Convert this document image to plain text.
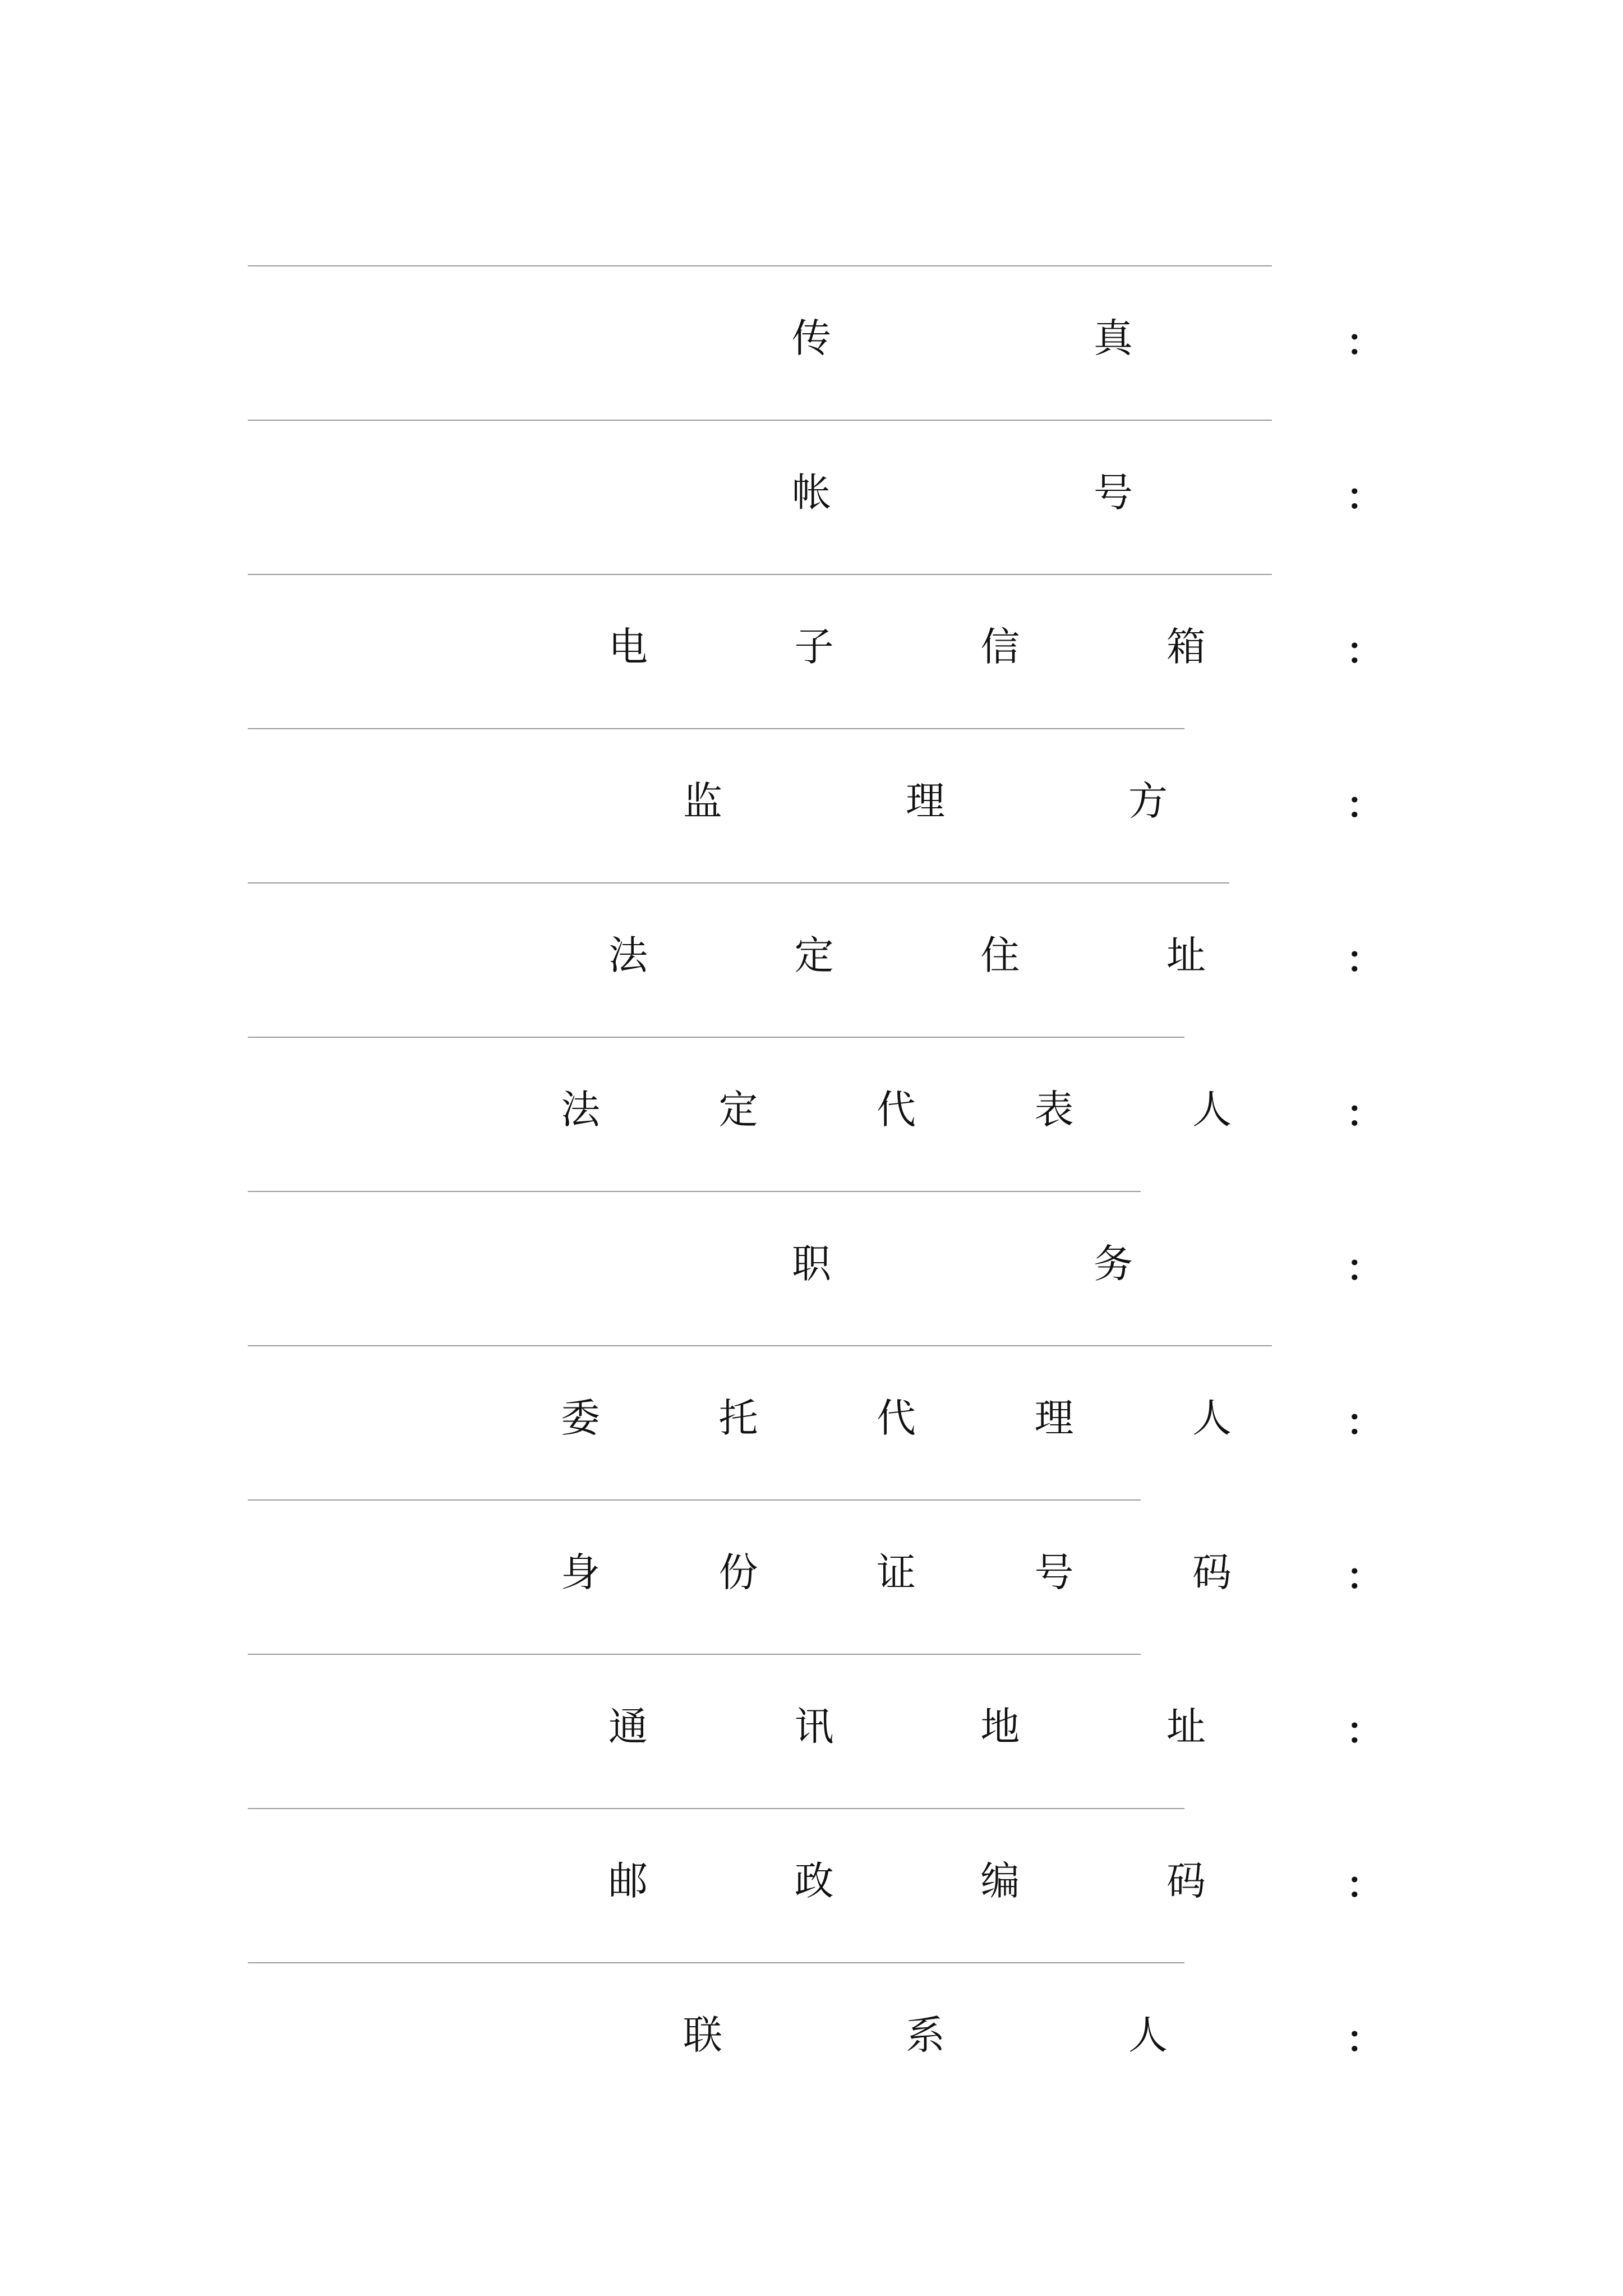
传	真	：
帐	号	：
电	子	信	箱	：
监	理	方	：
法	定	住	址	：
法	定	代	表	人	：
职	务	：
委	托	代	理	人	：
身	份	证	号	码	：
通	讯	地	址	：
邮	政	编	码	：
联	系	人	：
